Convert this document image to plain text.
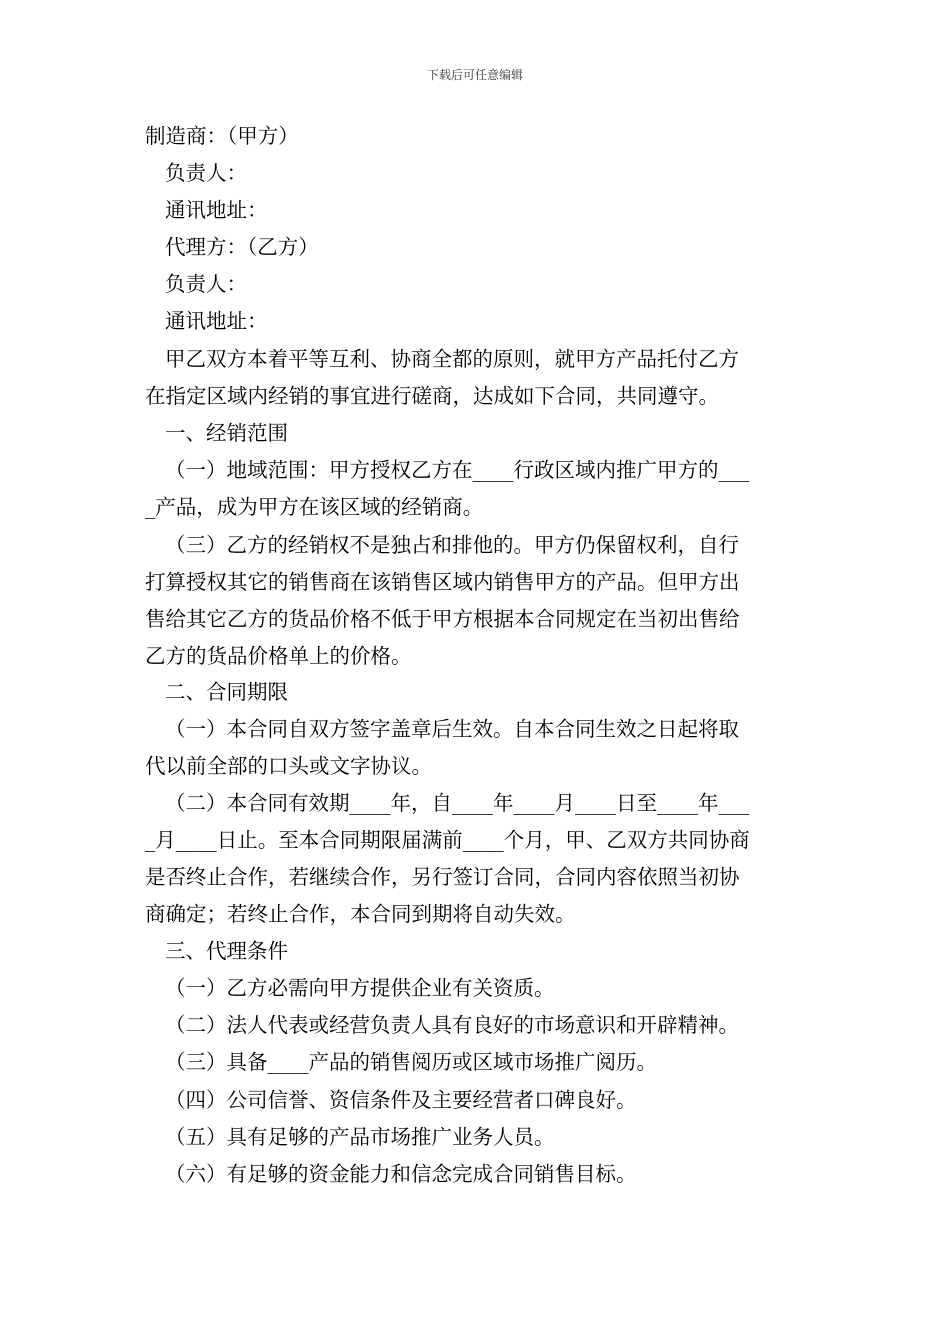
下载后可任意编辑
制造商：（甲方）
负责人：
通讯地址：
代理方：（乙方）
负责人：
通讯地址：
甲乙双方本着平等互利、协商全都的原则，就甲方产品托付乙方
在指定区域内经销的事宜进行磋商，达成如下合同，共同遵守。
一、经销范围
（一）地域范围：甲方授权乙方在____行政区域内推广甲方的___
_产品，成为甲方在该区域的经销商。
（三）乙方的经销权不是独占和排他的。甲方仍保留权利，自行
打算授权其它的销售商在该销售区域内销售甲方的产品。但甲方出
售给其它乙方的货品价格不低于甲方根据本合同规定在当初出售给
乙方的货品价格单上的价格。
二、合同期限
（一）本合同自双方签字盖章后生效。自本合同生效之日起将取
代以前全部的口头或文字协议。
（二）本合同有效期____年，自____年____月____日至____年___
_月____日止。至本合同期限届满前____个月，甲、乙双方共同协商
是否终止合作，若继续合作，另行签订合同，合同内容依照当初协
商确定；若终止合作，本合同到期将自动失效。
三、代理条件
（一）乙方必需向甲方提供企业有关资质。
（二）法人代表或经营负责人具有良好的市场意识和开辟精神。
（三）具备____产品的销售阅历或区域市场推广阅历。
（四）公司信誉、资信条件及主要经营者口碑良好。
（五）具有足够的产品市场推广业务人员。
（六）有足够的资金能力和信念完成合同销售目标。
